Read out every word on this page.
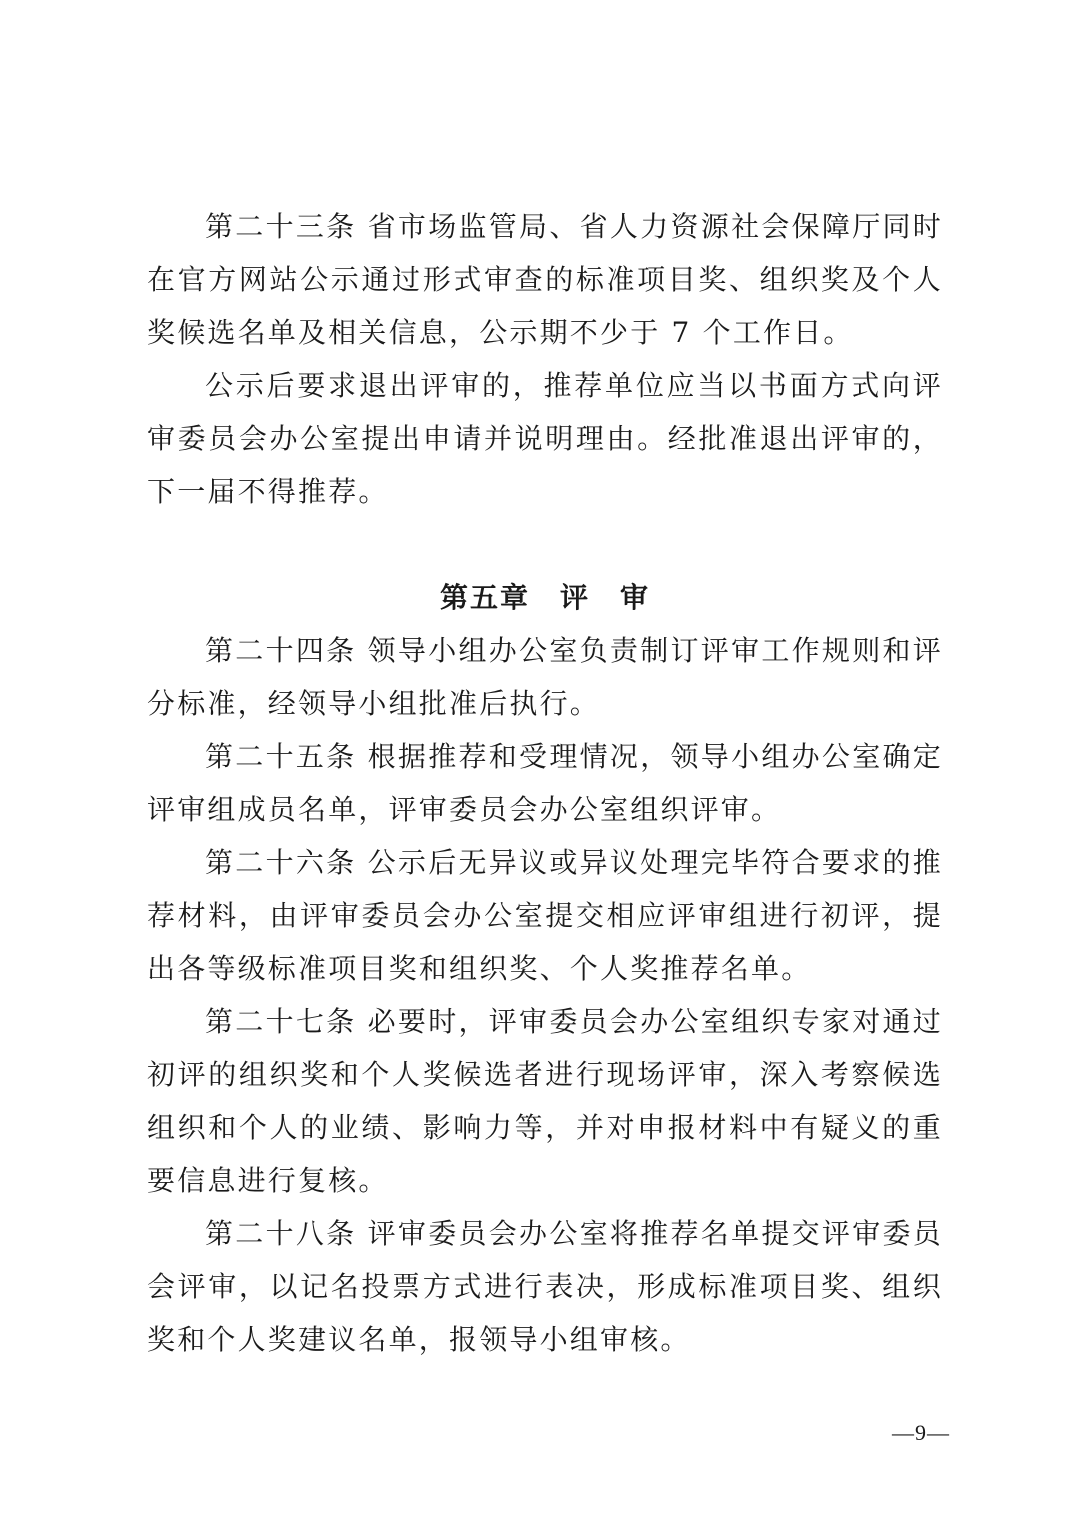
第二十三条 省市场监管局、省人力资源社会保障厅同时在官方网站公示通过形式审查的标准项目奖、组织奖及个人奖候选名单及相关信息，公示期不少于 7 个工作日。

公示后要求退出评审的，推荐单位应当以书面方式向评审委员会办公室提出申请并说明理由。经批准退出评审的，下一届不得推荐。

第五章　评　审

第二十四条 领导小组办公室负责制订评审工作规则和评分标准，经领导小组批准后执行。

第二十五条 根据推荐和受理情况，领导小组办公室确定评审组成员名单，评审委员会办公室组织评审。

第二十六条 公示后无异议或异议处理完毕符合要求的推荐材料，由评审委员会办公室提交相应评审组进行初评，提出各等级标准项目奖和组织奖、个人奖推荐名单。

第二十七条 必要时，评审委员会办公室组织专家对通过初评的组织奖和个人奖候选者进行现场评审，深入考察候选组织和个人的业绩、影响力等，并对申报材料中有疑义的重要信息进行复核。

第二十八条 评审委员会办公室将推荐名单提交评审委员会评审，以记名投票方式进行表决，形成标准项目奖、组织奖和个人奖建议名单，报领导小组审核。

—9—
